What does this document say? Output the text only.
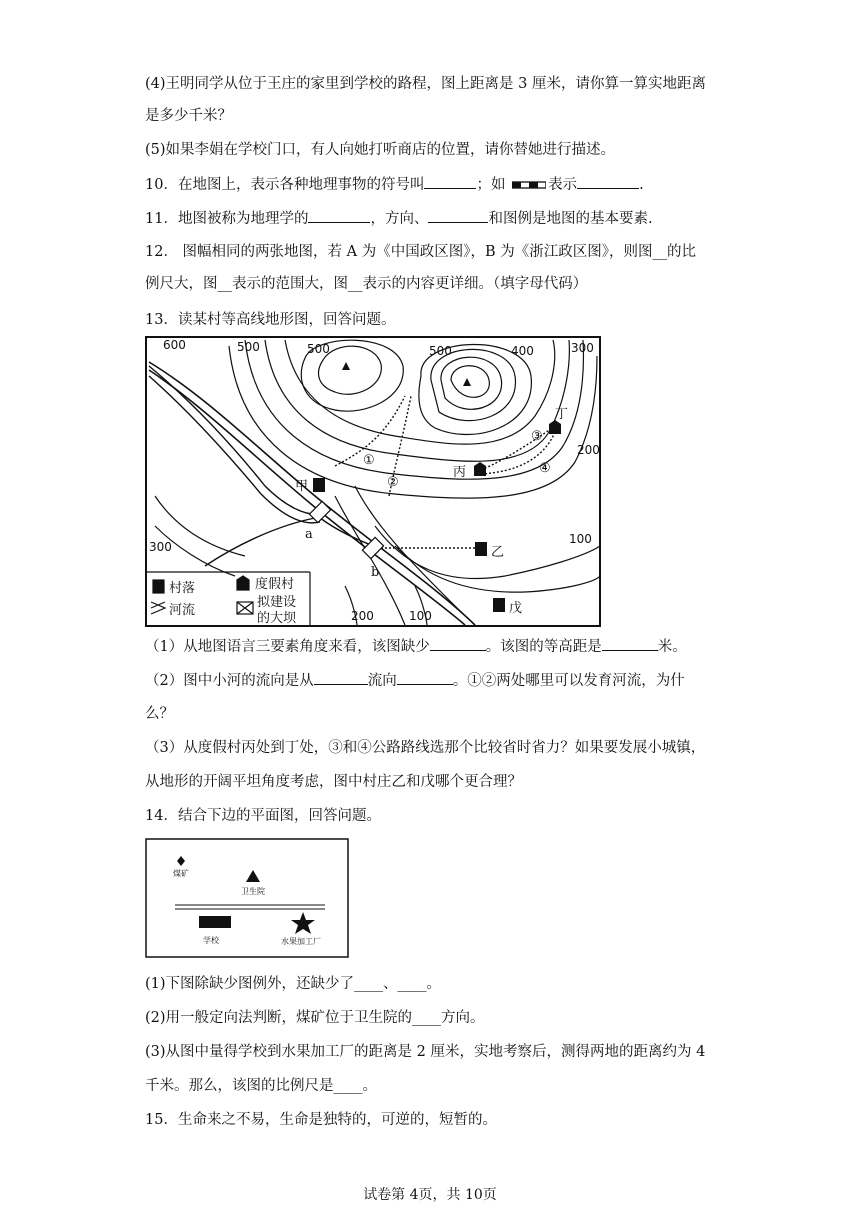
(4)王明同学从位于王庄的家里到学校的路程，图上距离是 3 厘米，请你算一算实地距离
是多少千米？
(5)如果李娟在学校门口，有人向她打听商店的位置，请你替她进行描述。
10．在地图上，表示各种地理事物的符号叫	；如	表示	.
11．地图被称为地理学的	，方向、	和图例是地图的基本要素.
12． 图幅相同的两张地图，若 A 为《中国政区图》，B 为《浙江政区图》，则图__的比
例尺大，图__表示的范围大，图__表示的内容更详细。（填字母代码）
13．读某村等高线地形图，回答问题。
600	500	500	500	400	300
200
300
100
200	100
甲
乙
丙
丁
戊
a
b
①
②
③
④
村落	度假村
河流
拟建设
的大坝
（1）从地图语言三要素角度来看，该图缺少	。该图的等高距是	米。
（2）图中小河的流向是从	流向	。①②两处哪里可以发育河流，为什
么？
（3）从度假村丙处到丁处，③和④公路路线选那个比较省时省力？如果要发展小城镇，
从地形的开阔平坦角度考虑，图中村庄乙和戊哪个更合理？
14．结合下边的平面图，回答问题。
煤矿
卫生院
学校	水果加工厂
(1)下图除缺少图例外，还缺少了____、____。
(2)用一般定向法判断，煤矿位于卫生院的____方向。
(3)从图中量得学校到水果加工厂的距离是 2 厘米，实地考察后，测得两地的距离约为 4
千米。那么，该图的比例尺是____。
15．生命来之不易，生命是独特的，可逆的，短暂的。
试卷第 4页，共 10页
